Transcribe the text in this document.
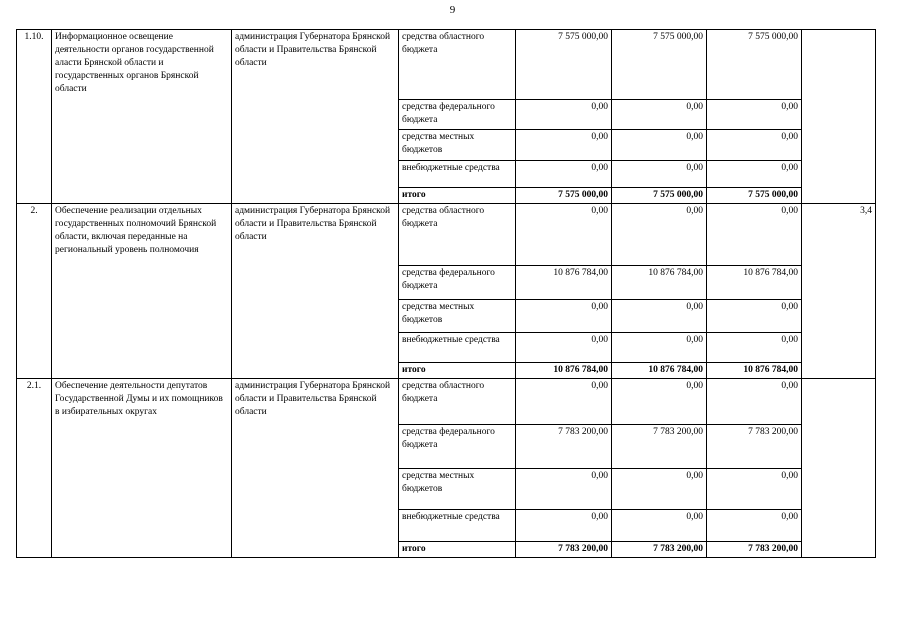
9
1.10.	Информационное освещение деятельности органов государственной аласти Брянской области и государственных органов Брянской области	администрация Губернатора Брянской области и Правительства Брянской области	средства областного бюджета	7 575 000,00	7 575 000,00	7 575 000,00	
			средства федерального бюджета	0,00	0,00	0,00	
			средства местных бюджетов	0,00	0,00	0,00	
			внебюджетные средства	0,00	0,00	0,00	
			итого	7 575 000,00	7 575 000,00	7 575 000,00	
2.	Обеспечение реализации отдельных государственных полномочий Брянской области, включая переданные на региональный уровень полномочия	администрация Губернатора Брянской области и Правительства Брянской области	средства областного бюджета	0,00	0,00	0,00	3,4
			средства федерального бюджета	10 876 784,00	10 876 784,00	10 876 784,00	
			средства местных бюджетов	0,00	0,00	0,00	
			внебюджетные средства	0,00	0,00	0,00	
			итого	10 876 784,00	10 876 784,00	10 876 784,00	
2.1.	Обеспечение деятельности депутатов Государственной Думы и их помощников в избирательных округах	администрация Губернатора Брянской области и Правительства Брянской области	средства областного бюджета	0,00	0,00	0,00	
			средства федерального бюджета	7 783 200,00	7 783 200,00	7 783 200,00	
			средства местных бюджетов	0,00	0,00	0,00	
			внебюджетные средства	0,00	0,00	0,00	
			итого	7 783 200,00	7 783 200,00	7 783 200,00	
